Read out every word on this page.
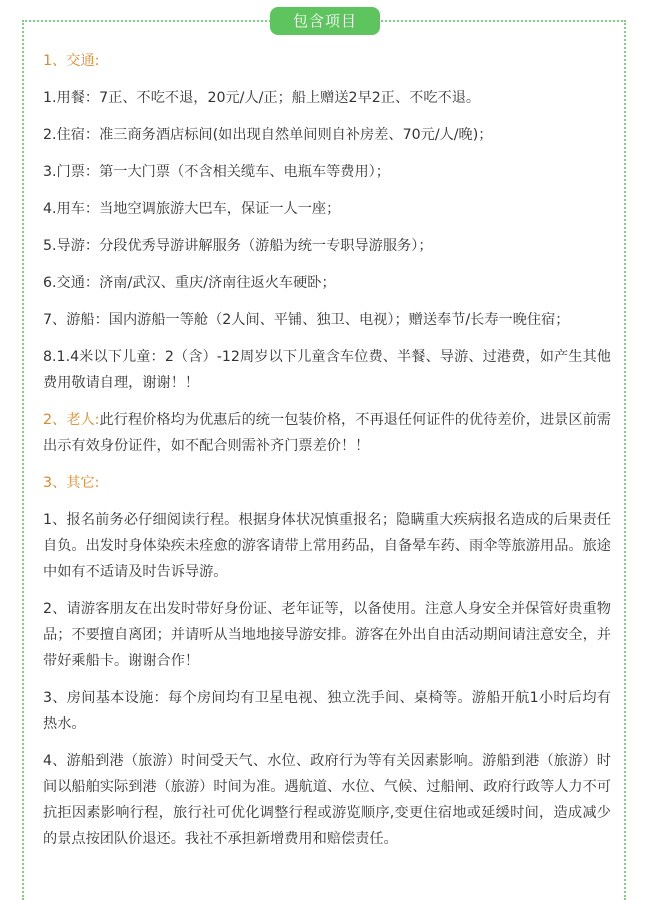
包含项目

1、交通:

1.用餐：7正、不吃不退，20元/人/正；船上赠送2早2正、不吃不退。

2.住宿：准三商务酒店标间(如出现自然单间则自补房差、70元/人/晚)；

3.门票：第一大门票（不含相关缆车、电瓶车等费用）；

4.用车：当地空调旅游大巴车，保证一人一座；

5.导游：分段优秀导游讲解服务（游船为统一专职导游服务）；

6.交通：济南/武汉、重庆/济南往返火车硬卧；

7、游船：国内游船一等舱（2人间、平铺、独卫、电视）；赠送奉节/长寿一晚住宿；

8.1.4米以下儿童：2（含）-12周岁以下儿童含车位费、半餐、导游、过港费，如产生其他费用敬请自理，谢谢！！

2、老人:此行程价格均为优惠后的统一包装价格，不再退任何证件的优待差价，进景区前需出示有效身份证件，如不配合则需补齐门票差价！！

3、其它:

1、报名前务必仔细阅读行程。根据身体状况慎重报名；隐瞒重大疾病报名造成的后果责任自负。出发时身体染疾未痊愈的游客请带上常用药品，自备晕车药、雨伞等旅游用品。旅途中如有不适请及时告诉导游。

2、请游客朋友在出发时带好身份证、老年证等，以备使用。注意人身安全并保管好贵重物品；不要擅自离团；并请听从当地地接导游安排。游客在外出自由活动期间请注意安全，并带好乘船卡。谢谢合作！

3、房间基本设施：每个房间均有卫星电视、独立洗手间、桌椅等。游船开航1小时后均有热水。

4、游船到港（旅游）时间受天气、水位、政府行为等有关因素影响。游船到港（旅游）时间以船舶实际到港（旅游）时间为准。遇航道、水位、气候、过船闸、政府行政等人力不可抗拒因素影响行程，旅行社可优化调整行程或游览顺序,变更住宿地或延缓时间，造成减少的景点按团队价退还。我社不承担新增费用和赔偿责任。
